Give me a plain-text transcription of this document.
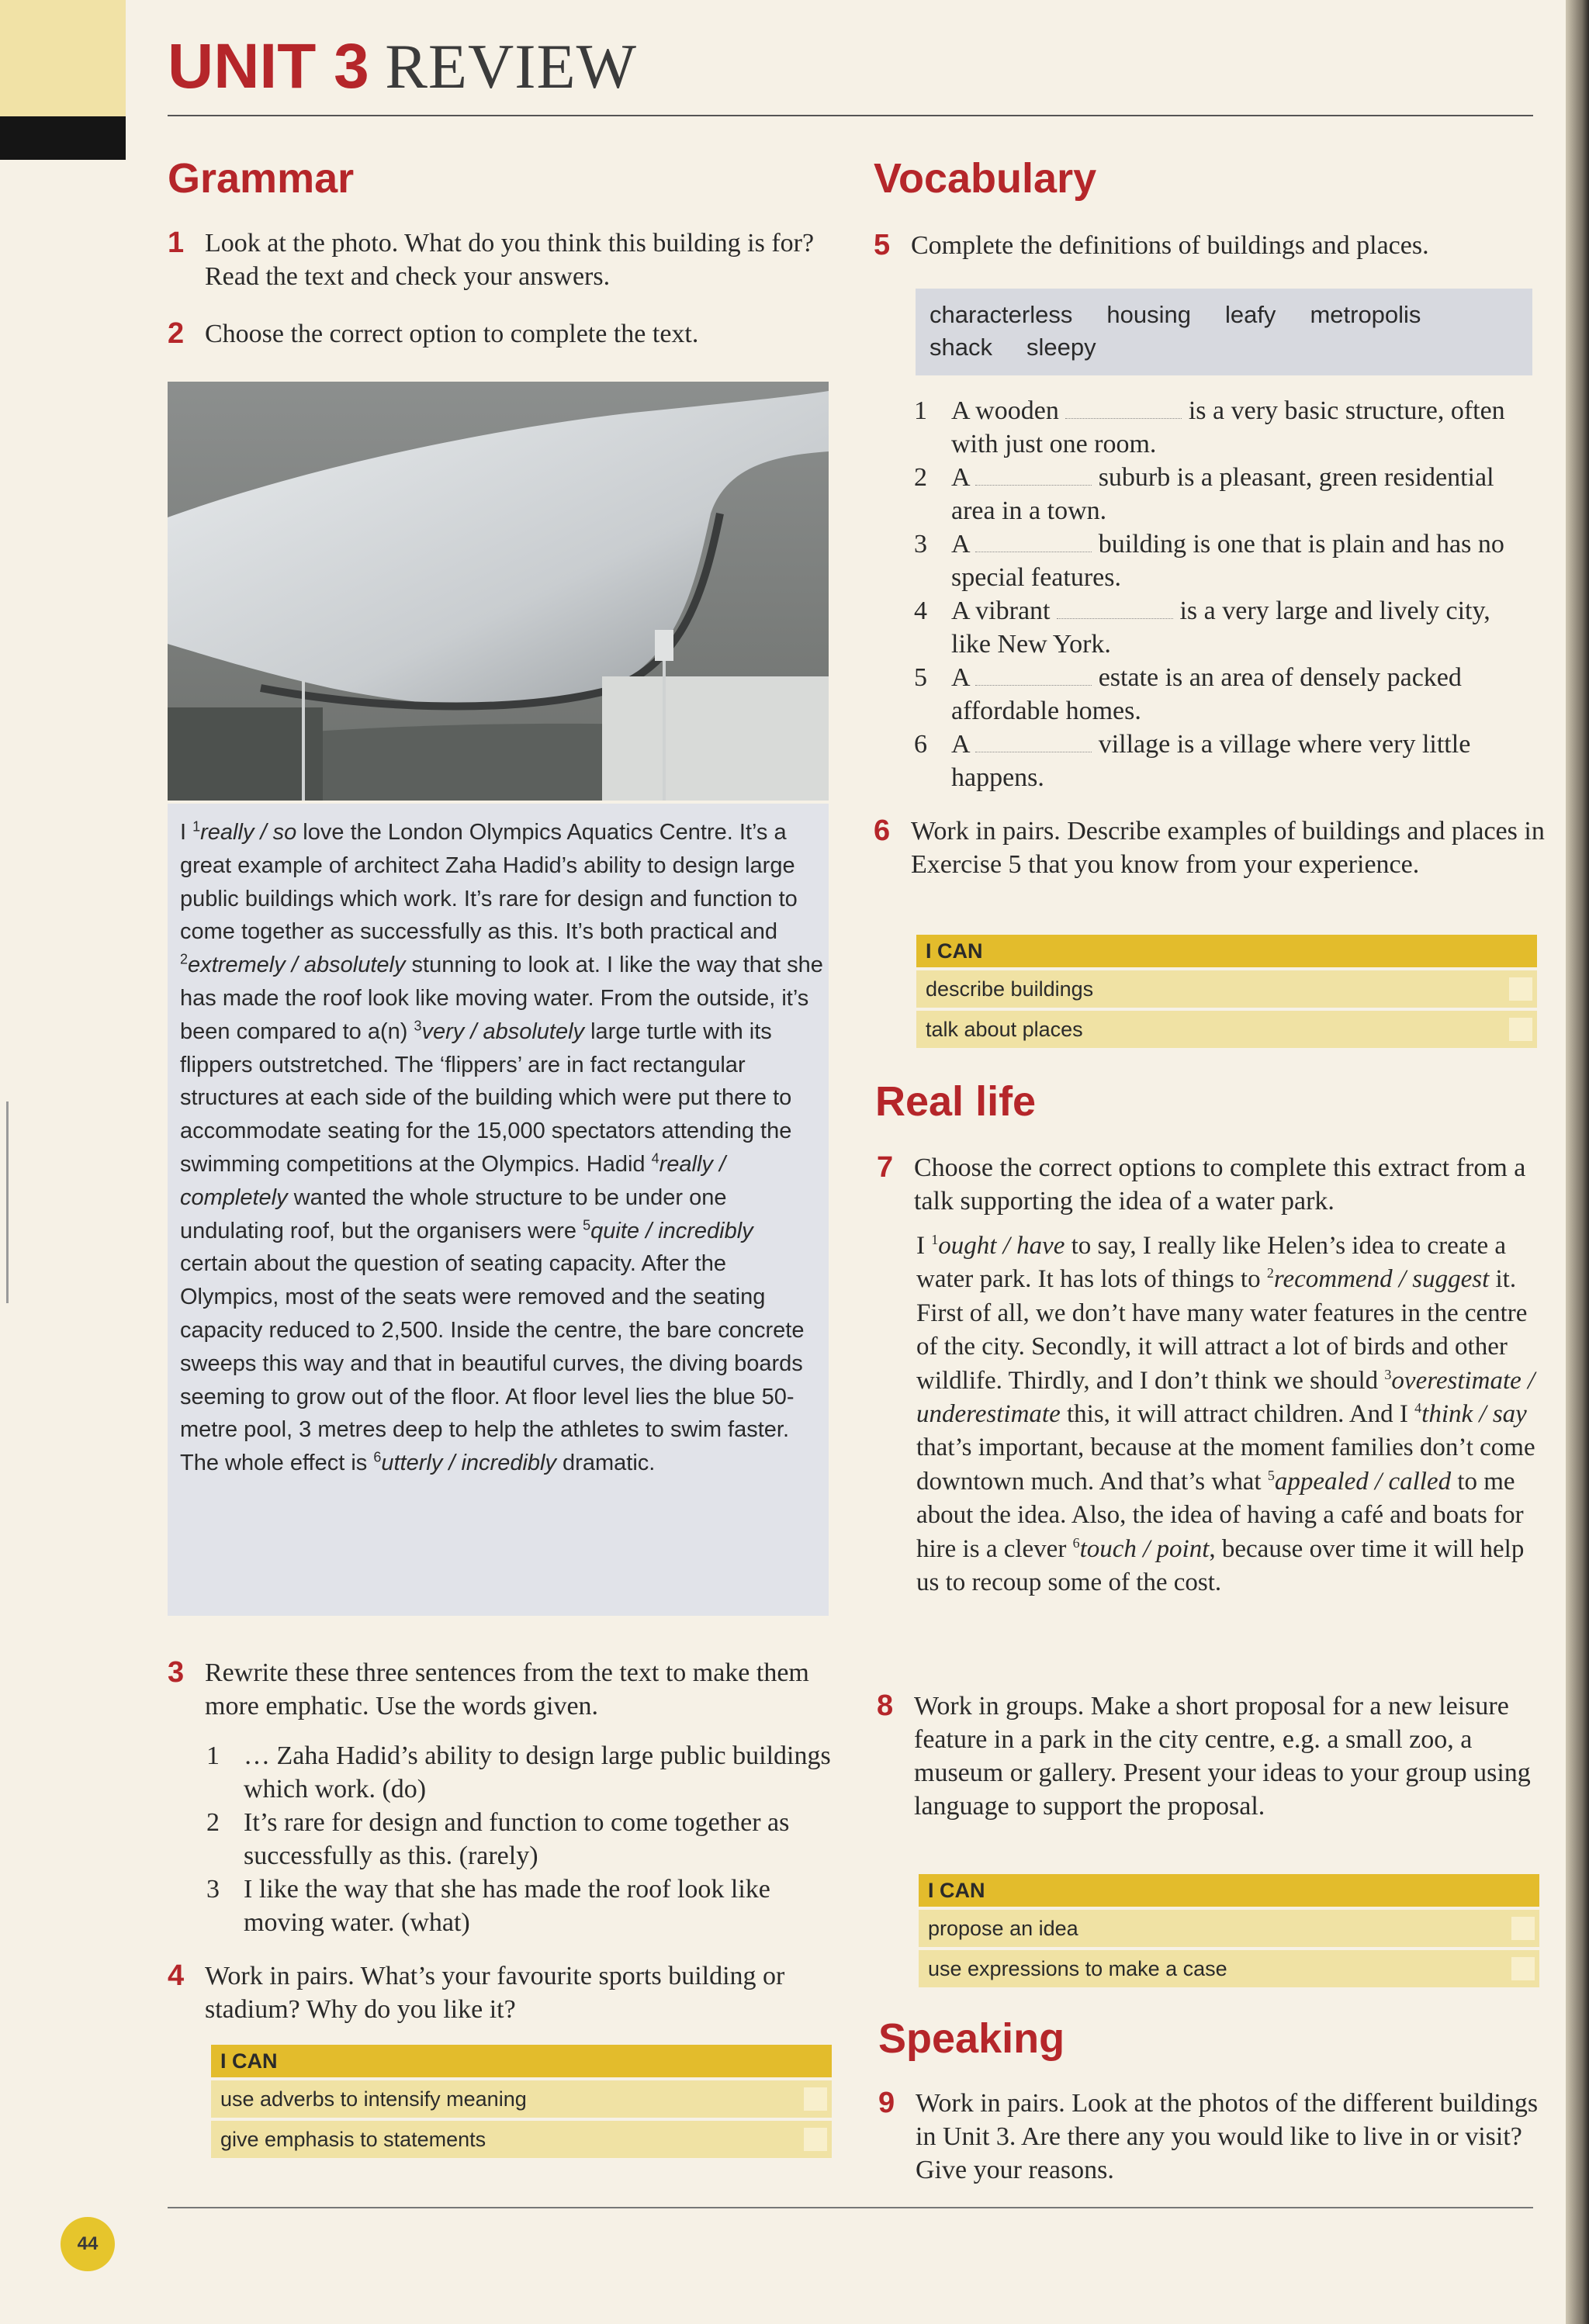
UNIT 3 REVIEW
Grammar
1 Look at the photo. What do you think this building is for? Read the text and check your answers.
2 Choose the correct option to complete the text.
I $^1$really / so love the London Olympics Aquatics Centre. It’s a great example of architect Zaha Hadid’s ability to design large public buildings which work. It’s rare for design and function to come together as successfully as this. It’s both practical and $^2$extremely / absolutely stunning to look at. I like the way that she has made the roof look like moving water. From the outside, it’s been compared to a(n) $^3$very / absolutely large turtle with its flippers outstretched. The ‘flippers’ are in fact rectangular structures at each side of the building which were put there to accommodate seating for the 15,000 spectators attending the swimming competitions at the Olympics. Hadid $^4$really / completely wanted the whole structure to be under one undulating roof, but the organisers were $^5$quite / incredibly certain about the question of seating capacity. After the Olympics, most of the seats were removed and the seating capacity reduced to 2,500. Inside the centre, the bare concrete sweeps this way and that in beautiful curves, the diving boards seeming to grow out of the floor. At floor level lies the blue 50-metre pool, 3 metres deep to help the athletes to swim faster. The whole effect is $^6$utterly / incredibly dramatic.
3 Rewrite these three sentences from the text to make them more emphatic. Use the words given.
1 … Zaha Hadid’s ability to design large public buildings which work. (do)
2 It’s rare for design and function to come together as successfully as this. (rarely)
3 I like the way that she has made the roof look like moving water. (what)
4 Work in pairs. What’s your favourite sports building or stadium? Why do you like it?
I CAN
use adverbs to intensify meaning
give emphasis to statements
Vocabulary
5 Complete the definitions of buildings and places.
characterless housing leafy metropolis
shack sleepy
1 A wooden	is a very basic structure, often with just one room.
2 A	suburb is a pleasant, green residential area in a town.
3 A	building is one that is plain and has no special features.
4 A vibrant	is a very large and lively city, like New York.
5 A	estate is an area of densely packed affordable homes.
6 A	village is a village where very little happens.
6 Work in pairs. Describe examples of buildings and places in Exercise 5 that you know from your experience.
I CAN
describe buildings
talk about places
Real life
7 Choose the correct options to complete this extract from a talk supporting the idea of a water park.
I $^1$ought / have to say, I really like Helen’s idea to create a water park. It has lots of things to $^2$recommend / suggest it. First of all, we don’t have many water features in the centre of the city. Secondly, it will attract a lot of birds and other wildlife. Thirdly, and I don’t think we should $^3$overestimate / underestimate this, it will attract children. And I $^4$think / say that’s important, because at the moment families don’t come downtown much. And that’s what $^5$appealed / called to me about the idea. Also, the idea of having a café and boats for hire is a clever $^6$touch / point, because over time it will help us to recoup some of the cost.
8 Work in groups. Make a short proposal for a new leisure feature in a park in the city centre, e.g. a small zoo, a museum or gallery. Present your ideas to your group using language to support the proposal.
I CAN
propose an idea
use expressions to make a case
Speaking
9 Work in pairs. Look at the photos of the different buildings in Unit 3. Are there any you would like to live in or visit? Give your reasons.
44
